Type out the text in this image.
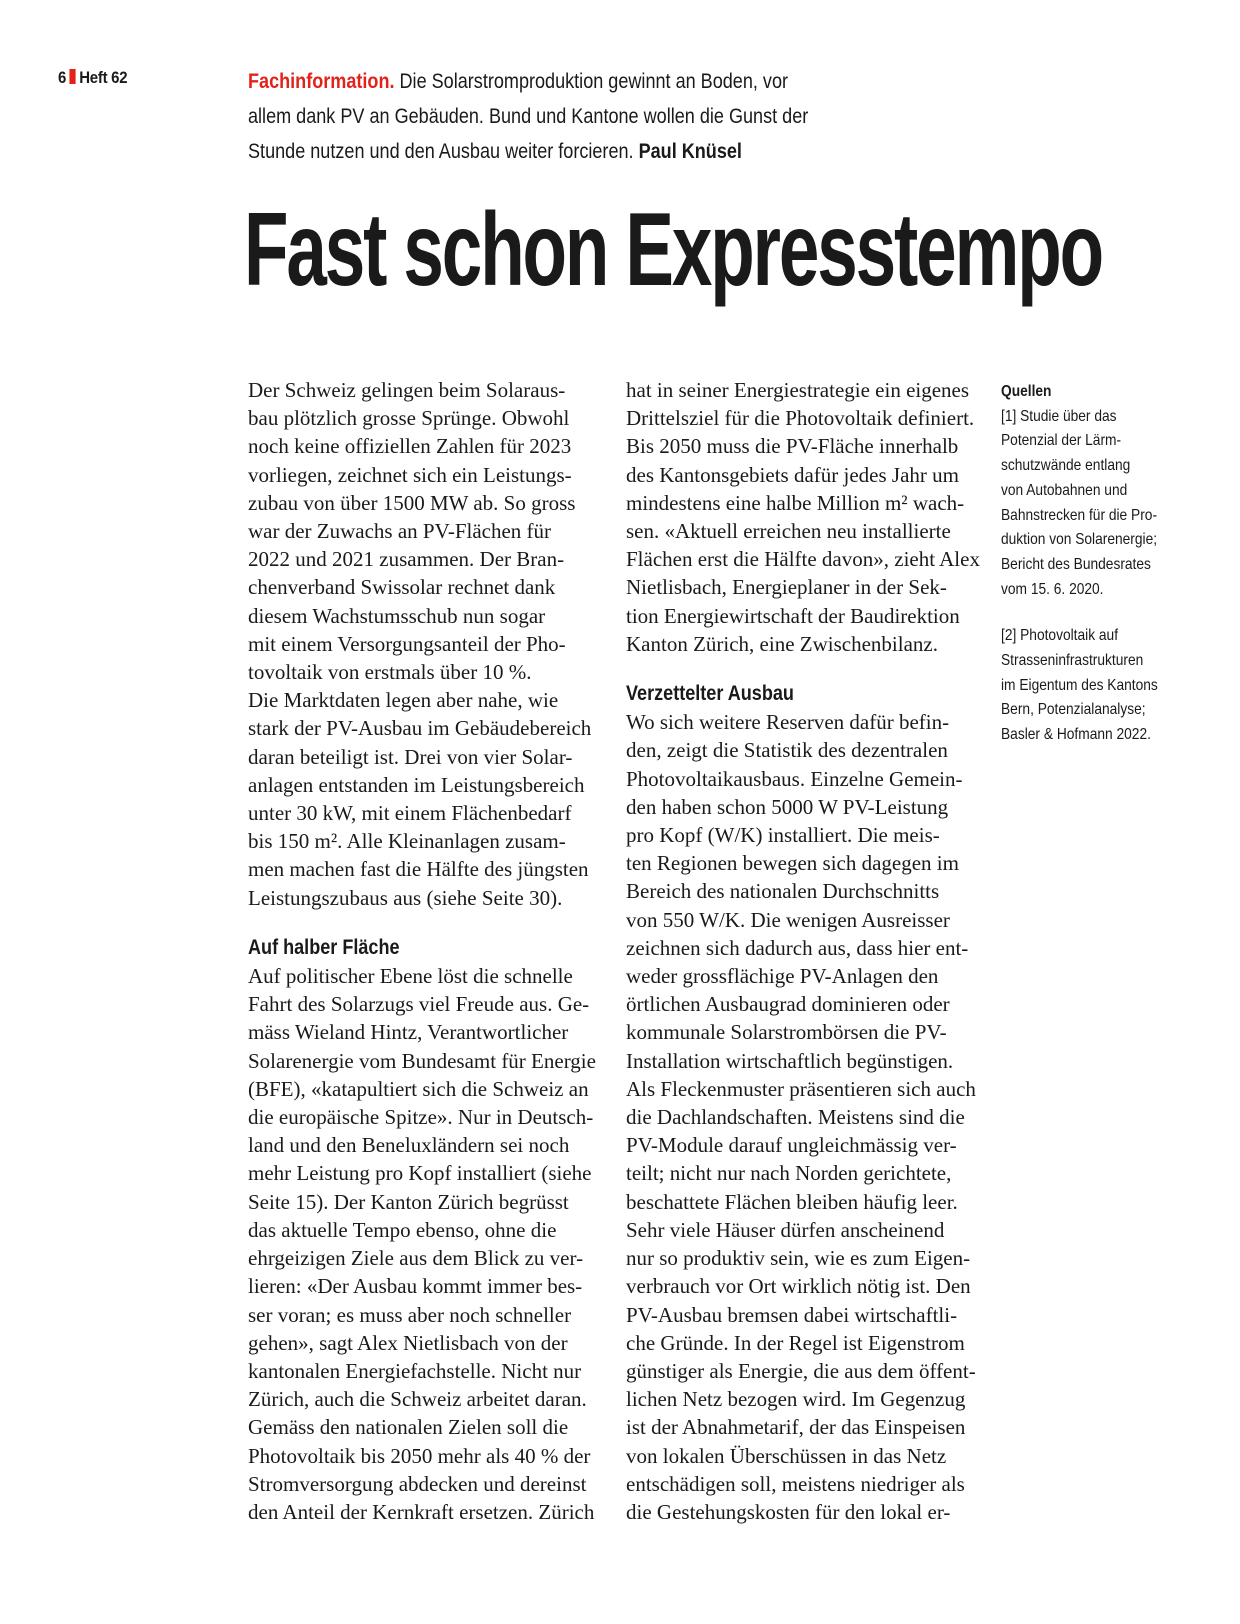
6 Heft 62	Fachinformation. Die Solarstromproduktion gewinnt an Boden, vor
allem dank PV an Gebäuden. Bund und Kantone wollen die Gunst der
Stunde nutzen und den Ausbau weiter forcieren. Paul Knüsel
Fast schon Expresstempo
Der Schweiz gelingen beim Solaraus-
bau plötzlich grosse Sprünge. Obwohl
noch keine offiziellen Zahlen für 2023
vorliegen, zeichnet sich ein Leistungs-
zubau von über 1500 MW ab. So gross
war der Zuwachs an PV-Flächen für
2022 und 2021 zusammen. Der Bran-
chenverband Swissolar rechnet dank
diesem Wachstumsschub nun sogar
mit einem Versorgungsanteil der Pho-
tovoltaik von erstmals über 10 %.
Die Marktdaten legen aber nahe, wie
stark der PV-Ausbau im Gebäudebereich
daran beteiligt ist. Drei von vier Solar-
anlagen entstanden im Leistungsbereich
unter 30 kW, mit einem Flächenbedarf
bis 150 m². Alle Kleinanlagen zusam-
men machen fast die Hälfte des jüngsten
Leistungszubaus aus (siehe Seite 30).
Auf halber Fläche
Auf politischer Ebene löst die schnelle
Fahrt des Solarzugs viel Freude aus. Ge-
mäss Wieland Hintz, Verantwortlicher
Solarenergie vom Bundesamt für Energie
(BFE), «katapultiert sich die Schweiz an
die europäische Spitze». Nur in Deutsch-
land und den Beneluxländern sei noch
mehr Leistung pro Kopf installiert (siehe
Seite 15). Der Kanton Zürich begrüsst
das aktuelle Tempo ebenso, ohne die
ehrgeizigen Ziele aus dem Blick zu ver-
lieren: «Der Ausbau kommt immer bes-
ser voran; es muss aber noch schneller
gehen», sagt Alex Nietlisbach von der
kantonalen Energiefachstelle. Nicht nur
Zürich, auch die Schweiz arbeitet daran.
Gemäss den nationalen Zielen soll die
Photovoltaik bis 2050 mehr als 40 % der
Stromversorgung abdecken und dereinst
den Anteil der Kernkraft ersetzen. Zürich
hat in seiner Energiestrategie ein eigenes
Drittelsziel für die Photovoltaik definiert.
Bis 2050 muss die PV-Fläche innerhalb
des Kantonsgebiets dafür jedes Jahr um
mindestens eine halbe Million m² wach-
sen. «Aktuell erreichen neu installierte
Flächen erst die Hälfte davon», zieht Alex
Nietlisbach, Energieplaner in der Sek-
tion Energiewirtschaft der Baudirektion
Kanton Zürich, eine Zwischenbilanz.
Verzettelter Ausbau
Wo sich weitere Reserven dafür befin-
den, zeigt die Statistik des dezentralen
Photovoltaikausbaus. Einzelne Gemein-
den haben schon 5000 W PV-Leistung
pro Kopf (W/K) installiert. Die meis-
ten Regionen bewegen sich dagegen im
Bereich des nationalen Durchschnitts
von 550 W/K. Die wenigen Ausreisser
zeichnen sich dadurch aus, dass hier ent-
weder grossflächige PV-Anlagen den
örtlichen Ausbaugrad dominieren oder
kommunale Solarstrombörsen die PV-
Installation wirtschaftlich begünstigen.
Als Fleckenmuster präsentieren sich auch
die Dachlandschaften. Meistens sind die
PV-Module darauf ungleichmässig ver-
teilt; nicht nur nach Norden gerichtete,
beschattete Flächen bleiben häufig leer.
Sehr viele Häuser dürfen anscheinend
nur so produktiv sein, wie es zum Eigen-
verbrauch vor Ort wirklich nötig ist. Den
PV-Ausbau bremsen dabei wirtschaftli-
che Gründe. In der Regel ist Eigenstrom
günstiger als Energie, die aus dem öffent-
lichen Netz bezogen wird. Im Gegenzug
ist der Abnahmetarif, der das Einspeisen
von lokalen Überschüssen in das Netz
entschädigen soll, meistens niedriger als
die Gestehungskosten für den lokal er-
Quellen
[1] Studie über das
Potenzial der Lärm-
schutzwände entlang
von Autobahnen und
Bahnstrecken für die Pro-
duktion von Solarenergie;
Bericht des Bundesrates
vom 15. 6. 2020.
[2] Photovoltaik auf
Strasseninfrastrukturen
im Eigentum des Kantons
Bern, Potenzialanalyse;
Basler & Hofmann 2022.
